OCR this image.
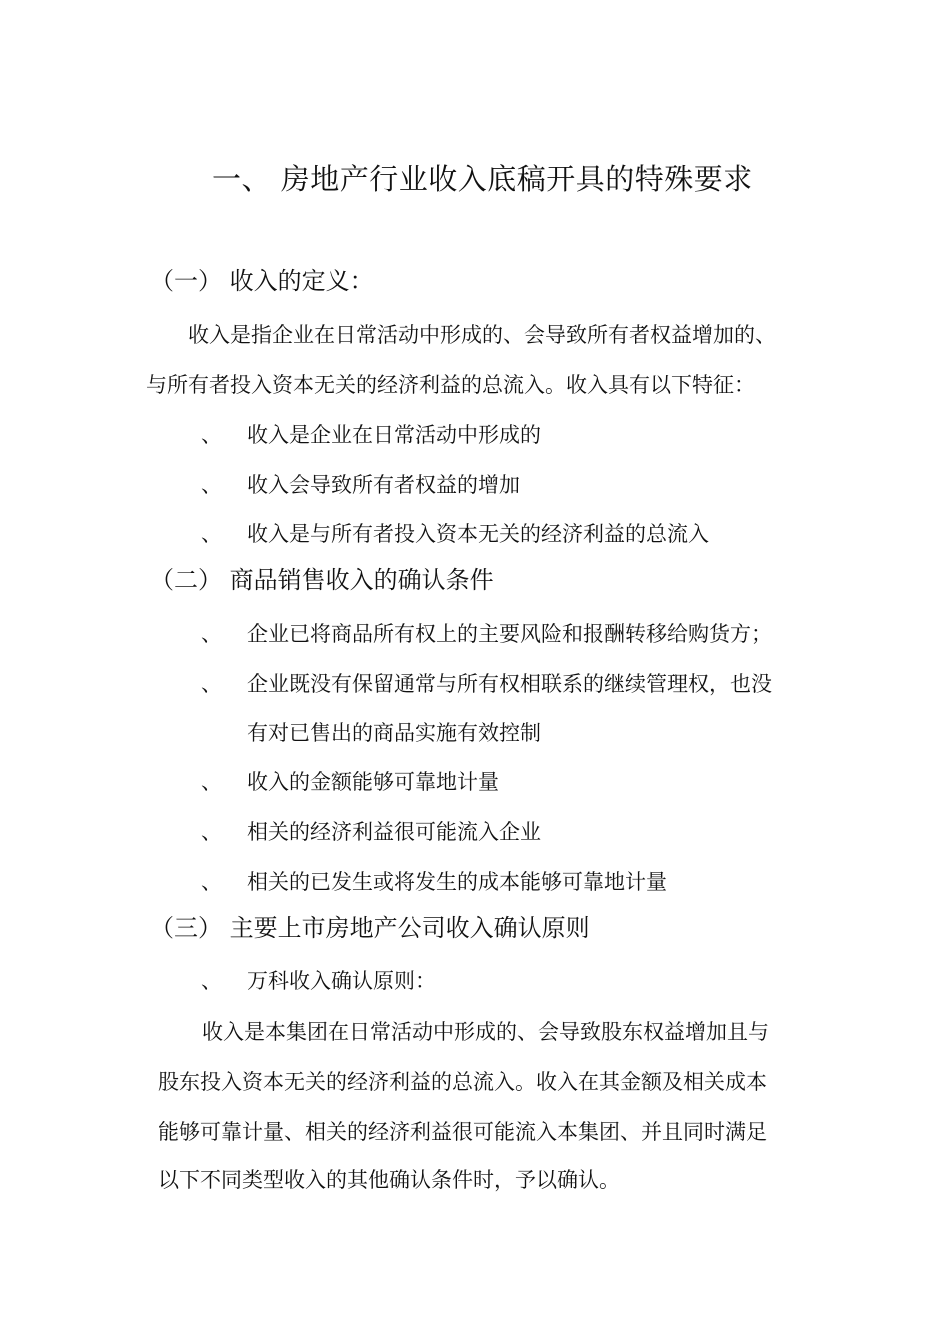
一、 房地产行业收入底稿开具的特殊要求
（一） 收入的定义：
收入是指企业在日常活动中形成的、会导致所有者权益增加的、
与所有者投入资本无关的经济利益的总流入。收入具有以下特征：
、 收入是企业在日常活动中形成的
、 收入会导致所有者权益的增加
、 收入是与所有者投入资本无关的经济利益的总流入
（二） 商品销售收入的确认条件
、 企业已将商品所有权上的主要风险和报酬转移给购货方；
、 企业既没有保留通常与所有权相联系的继续管理权，也没
有对已售出的商品实施有效控制
、 收入的金额能够可靠地计量
、 相关的经济利益很可能流入企业
、 相关的已发生或将发生的成本能够可靠地计量
（三） 主要上市房地产公司收入确认原则
、 万科收入确认原则：
收入是本集团在日常活动中形成的、会导致股东权益增加且与
股东投入资本无关的经济利益的总流入。收入在其金额及相关成本
能够可靠计量、相关的经济利益很可能流入本集团、并且同时满足
以下不同类型收入的其他确认条件时，予以确认。
